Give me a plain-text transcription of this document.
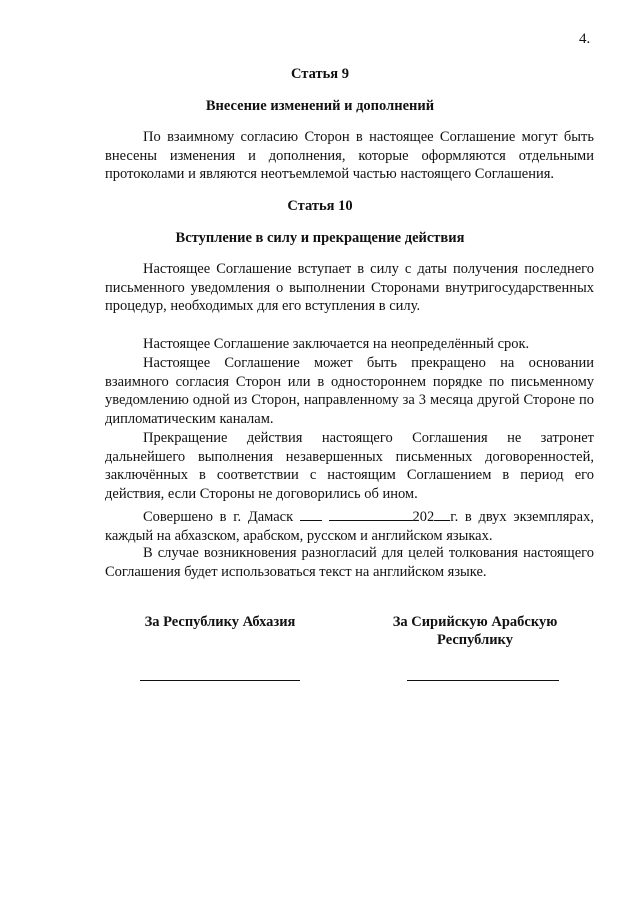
4.
Статья 9
Внесение изменений и дополнений

По взаимному согласию Сторон в настоящее Соглашение могут быть внесены изменения и дополнения, которые оформляются отдельными протоколами и являются неотъемлемой частью настоящего Соглашения.

Статья 10
Вступление в силу и прекращение действия

Настоящее Соглашение вступает в силу с даты получения последнего письменного уведомления о выполнении Сторонами внутригосударственных процедур, необходимых для его вступления в силу.

Настоящее Соглашение заключается на неопределённый срок.

Настоящее Соглашение может быть прекращено на основании взаимного согласия Сторон или в одностороннем порядке по письменному уведомлению одной из Сторон, направленному за 3 месяца другой Стороне по дипломатическим каналам.

Прекращение действия настоящего Соглашения не затронет дальнейшего выполнения незавершенных письменных договоренностей, заключённых в соответствии с настоящим Соглашением в период его действия, если Стороны не договорились об ином.

Совершено в г. Дамаск	202 г. в двух экземплярах, каждый на абхазском, арабском, русском и английском языках.

В случае возникновения разногласий для целей толкования настоящего Соглашения будет использоваться текст на английском языке.

За Республику Абхазия	За Сирийскую Арабскую
Республику
